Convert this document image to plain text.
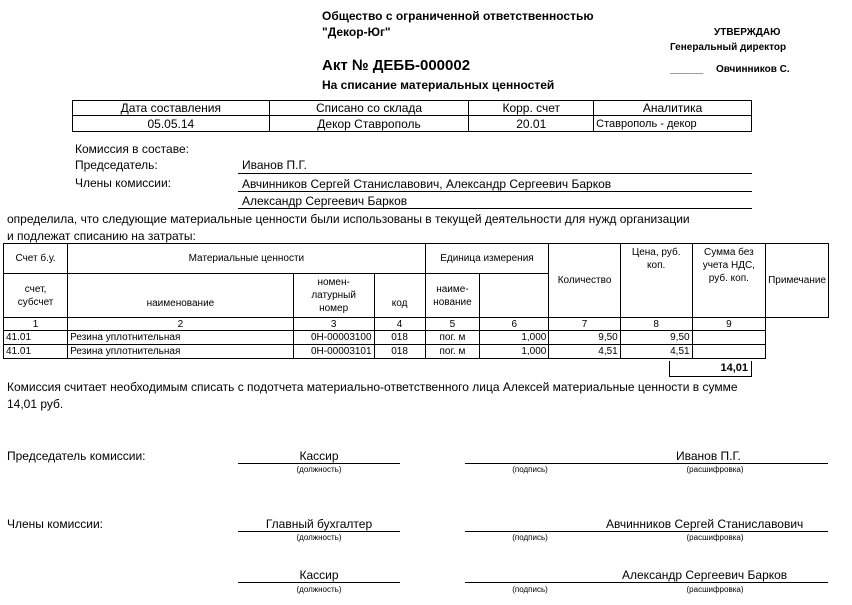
Общество с ограниченной ответственностью
"Декор-Юг"	УТВЕРЖДАЮ
Генеральный директор
______ Овчинников С.
Акт № ДЕББ-000002
На списание материальных ценностей
Дата составления	Списано со склада	Корр. счет	Аналитика
05.05.14	Декор Ставрополь	20.01	Ставрополь - декор
Комиссия в составе:
Председатель:	Иванов П.Г.
Члены комиссии:	Авчинников Сергей Станиславович, Александр Сергеевич Барков
Александр Сергеевич Барков
определила, что следующие материальные ценности были использованы в текущей деятельности для нужд организации
и подлежат списанию на затраты:
Счет б.у.	Материальные ценности			Единица измерения		Количество	Цена, руб. коп.	Сумма без учета НДС, руб. коп.	Примечание
счет, субсчет	наименование	номен-латурный номер	код	наиме-нование					
1	2	3	4	5	6	7	8	9	
41.01	Резина уплотнительная	0Н-00003100	018	пог. м	1,000	9,50	9,50		
41.01	Резина уплотнительная	0Н-00003101	018	пог. м	1,000	4,51	4,51		
14,01
Комиссия считает необходимым списать с подотчета материально-ответственного лица Алексей материальные ценности в сумме
14,01 руб.
Председатель комиссии:	Кассир	Иванов П.Г.
(должность)	(подпись)	(расшифровка)
Члены комиссии:	Главный бухгалтер	Авчинников Сергей Станиславович
(должность)	(подпись)	(расшифровка)
Кассир	Александр Сергеевич Барков
(должность)	(подпись)	(расшифровка)
